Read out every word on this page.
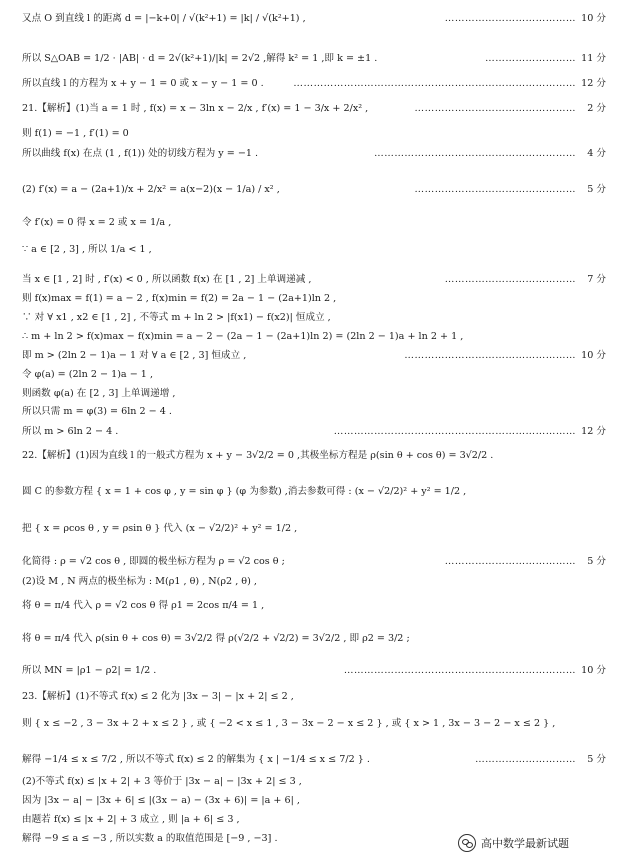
又点 O 到直线 l 的距离 d = |−k+0| / √(k²+1) = |k| / √(k²+1) ,	………………………………… 10 分
所以 S△OAB = 1/2 · |AB| · d = 2√(k²+1)/|k| = 2√2 ,解得 k² = 1 ,即 k = ±1 .	……………………… 11 分
所以直线 l 的方程为 x + y − 1 = 0 或 x − y − 1 = 0 .	………………………………………………………………………… 12 分
21.【解析】(1)当 a = 1 时 , f(x) = x − 3ln x − 2/x , f′(x) = 1 − 3/x + 2/x² ,	………………………………………… 2 分
则 f(1) = −1 , f′(1) = 0
所以曲线 f(x) 在点 (1 , f(1)) 处的切线方程为 y = −1 .	…………………………………………………… 4 分
(2) f′(x) = a − (2a+1)/x + 2/x² = a(x−2)(x − 1/a) / x² ,	………………………………………… 5 分
令 f′(x) = 0 得 x = 2 或 x = 1/a ,
∵ a ∈ [2 , 3] , 所以 1/a < 1 ,
当 x ∈ [1 , 2] 时 , f′(x) < 0 , 所以函数 f(x) 在 [1 , 2] 上单调递减 ,	………………………………… 7 分
则 f(x)max = f(1) = a − 2 , f(x)min = f(2) = 2a − 1 − (2a+1)ln 2 ,
∵ 对 ∀ x1 , x2 ∈ [1 , 2] , 不等式 m + ln 2 > |f(x1) − f(x2)| 恒成立 ,
∴ m + ln 2 > f(x)max − f(x)min = a − 2 − (2a − 1 − (2a+1)ln 2) = (2ln 2 − 1)a + ln 2 + 1 ,
即 m > (2ln 2 − 1)a − 1 对 ∀ a ∈ [2 , 3] 恒成立 ,	…………………………………………… 10 分
令 φ(a) = (2ln 2 − 1)a − 1 ,
则函数 φ(a) 在 [2 , 3] 上单调递增 ,
所以只需 m = φ(3) = 6ln 2 − 4 .
所以 m > 6ln 2 − 4 .	……………………………………………………………… 12 分
22.【解析】(1)因为直线 l 的一般式方程为 x + y − 3√2/2 = 0 ,其极坐标方程是 ρ(sin θ + cos θ) = 3√2/2 .
圆 C 的参数方程 { x = 1 + cos φ , y = sin φ } (φ 为参数) ,消去参数可得 : (x − √2/2)² + y² = 1/2 ,
把 { x = ρcos θ , y = ρsin θ } 代入 (x − √2/2)² + y² = 1/2 ,
化简得 : ρ = √2 cos θ , 即圆的极坐标方程为 ρ = √2 cos θ ;	………………………………… 5 分
(2)设 M , N 两点的极坐标为 : M(ρ1 , θ) , N(ρ2 , θ) ,
将 θ = π/4 代入 ρ = √2 cos θ 得 ρ1 = 2cos π/4 = 1 ,
将 θ = π/4 代入 ρ(sin θ + cos θ) = 3√2/2 得 ρ(√2/2 + √2/2) = 3√2/2 , 即 ρ2 = 3/2 ;
所以 MN = |ρ1 − ρ2| = 1/2 .	…………………………………………………………… 10 分
23.【解析】(1)不等式 f(x) ≤ 2 化为 |3x − 3| − |x + 2| ≤ 2 ,
则 { x ≤ −2 , 3 − 3x + 2 + x ≤ 2 } , 或 { −2 < x ≤ 1 , 3 − 3x − 2 − x ≤ 2 } , 或 { x > 1 , 3x − 3 − 2 − x ≤ 2 } ,
解得 −1/4 ≤ x ≤ 7/2 , 所以不等式 f(x) ≤ 2 的解集为 { x | −1/4 ≤ x ≤ 7/2 } .	………………………… 5 分
(2)不等式 f(x) ≤ |x + 2| + 3 等价于 |3x − a| − |3x + 2| ≤ 3 ,
因为 |3x − a| − |3x + 6| ≤ |(3x − a) − (3x + 6)| = |a + 6| ,
由题若 f(x) ≤ |x + 2| + 3 成立 , 则 |a + 6| ≤ 3 ,
解得 −9 ≤ a ≤ −3 , 所以实数 a 的取值范围是 [−9 , −3] .	高中数学最新试题
